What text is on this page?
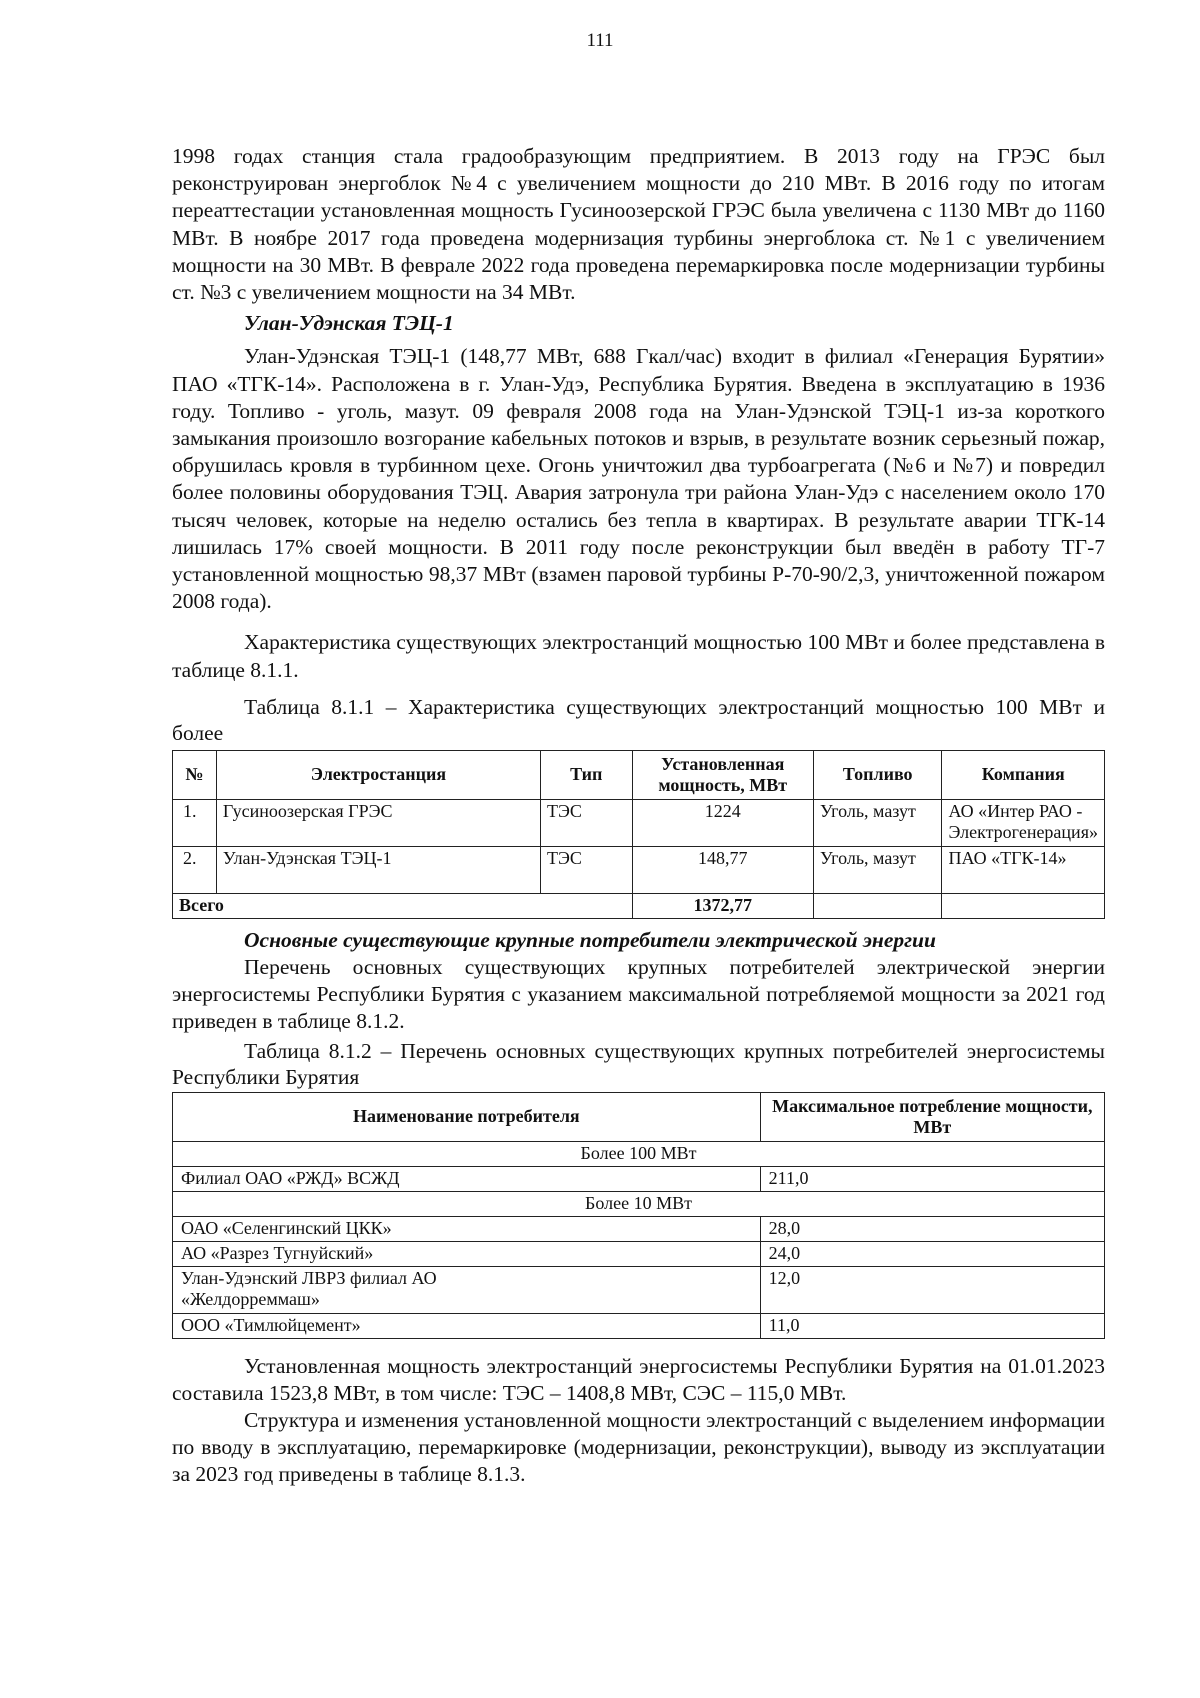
111

1998 годах станция стала градообразующим предприятием. В 2013 году на ГРЭС был реконструирован энергоблок №4 с увеличением мощности до 210 МВт. В 2016 году по итогам переаттестации установленная мощность Гусиноозерской ГРЭС была увеличена с 1130 МВт до 1160 МВт. В ноябре 2017 года проведена модернизация турбины энергоблока ст. №1 с увеличением мощности на 30 МВт. В феврале 2022 года проведена перемаркировка после модернизации турбины ст. №3 с увеличением мощности на 34 МВт.

Улан-Удэнская ТЭЦ-1

Улан-Удэнская ТЭЦ-1 (148,77 МВт, 688 Гкал/час) входит в филиал «Генерация Бурятии» ПАО «ТГК-14». Расположена в г. Улан-Удэ, Республика Бурятия. Введена в эксплуатацию в 1936 году. Топливо - уголь, мазут. 09 февраля 2008 года на Улан-Удэнской ТЭЦ-1 из-за короткого замыкания произошло возгорание кабельных потоков и взрыв, в результате возник серьезный пожар, обрушилась кровля в турбинном цехе. Огонь уничтожил два турбоагрегата (№6 и №7) и повредил более половины оборудования ТЭЦ. Авария затронула три района Улан-Удэ с населением около 170 тысяч человек, которые на неделю остались без тепла в квартирах. В результате аварии ТГК-14 лишилась 17% своей мощности. В 2011 году после реконструкции был введён в работу ТГ-7 установленной мощностью 98,37 МВт (взамен паровой турбины Р-70-90/2,3, уничтоженной пожаром 2008 года).

Характеристика существующих электростанций мощностью 100 МВт и более представлена в таблице 8.1.1.

Таблица 8.1.1 – Характеристика существующих электростанций мощностью 100 МВт и более

№	Электростанция	Тип	Установленная мощность, МВт	Топливо	Компания
1.	Гусиноозерская ГРЭС	ТЭС	1224	Уголь, мазут	АО «Интер РАО - Электрогенерация»
2.	Улан-Удэнская ТЭЦ-1	ТЭС	148,77	Уголь, мазут	ПАО «ТГК-14»
Всего			1372,77		

Основные существующие крупные потребители электрической энергии

Перечень основных существующих крупных потребителей электрической энергии энергосистемы Республики Бурятия с указанием максимальной потребляемой мощности за 2021 год приведен в таблице 8.1.2.

Таблица 8.1.2 – Перечень основных существующих крупных потребителей энергосистемы Республики Бурятия

Наименование потребителя	Максимальное потребление мощности, МВт
Более 100 МВт	
Филиал ОАО «РЖД» ВСЖД	211,0
Более 10 МВт	
ОАО «Селенгинский ЦКК»	28,0
АО «Разрез Тугнуйский»	24,0
Улан-Удэнский ЛВРЗ филиал АО «Желдорреммаш»	12,0
ООО «Тимлюйцемент»	11,0

Установленная мощность электростанций энергосистемы Республики Бурятия на 01.01.2023 составила 1523,8 МВт, в том числе: ТЭС – 1408,8 МВт, СЭС – 115,0 МВт.

Структура и изменения установленной мощности электростанций с выделением информации по вводу в эксплуатацию, перемаркировке (модернизации, реконструкции), выводу из эксплуатации за 2023 год приведены в таблице 8.1.3.
